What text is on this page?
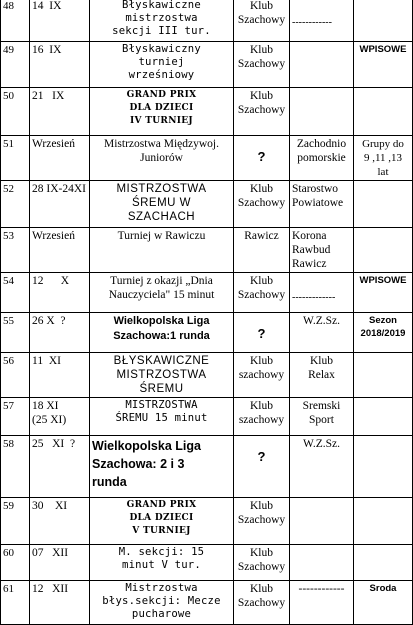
48	14  IX	Błyskawiczne
mistrzostwa
sekcji III tur.	Klub
Szachowy	------------	

49	16  IX	Błyskawiczny
turniej
wrześniowy	Klub
Szachowy		WPISOWE

50	21   IX	GRAND PRIX
DLA DZIECI
IV TURNIEJ	Klub
Szachowy		

51	Wrzesień	Mistrzostwa Międzywoj.
Juniorów	?	Zachodnio
pomorskie	Grupy do
9 ,11 ,13
lat

52	28 IX-24XI	MISTRZOSTWA
ŚREMU W
SZACHACH	Klub
Szachowy	Starostwo
Powiatowe	

53	Wrzesień	Turniej w Rawiczu	Rawicz	Korona
Rawbud
Rawicz	

54	12      X	Turniej z okazji „Dnia
Nauczyciela" 15 minut	Klub
Szachowy	-------------	WPISOWE

55	26 X  ?	Wielkopolska Liga
Szachowa:1 runda	?	W.Z.Sz.	Sezon
2018/2019

56	11  XI	BŁYSKAWICZNE
MISTRZOSTWA
ŚREMU	Klub
szachowy	Klub
Relax	

57	18 XI
(25 XI)	MISTRZOSTWA
ŚREMU 15 minut	Klub
szachowy	Sremski
Sport	

58	25   XI  ?	Wielkopolska Liga
Szachowa: 2 i 3
runda	?	W.Z.Sz.	

59	30    XI	GRAND PRIX
DLA DZIECI
V TURNIEJ	Klub
Szachowy		

60	07   XII	M. sekcji: 15
minut V tur.	Klub
Szachowy		

61	12   XII	Mistrzostwa
błys.sekcji: Mecze
pucharowe	Klub
Szachowy	------------	Sroda
